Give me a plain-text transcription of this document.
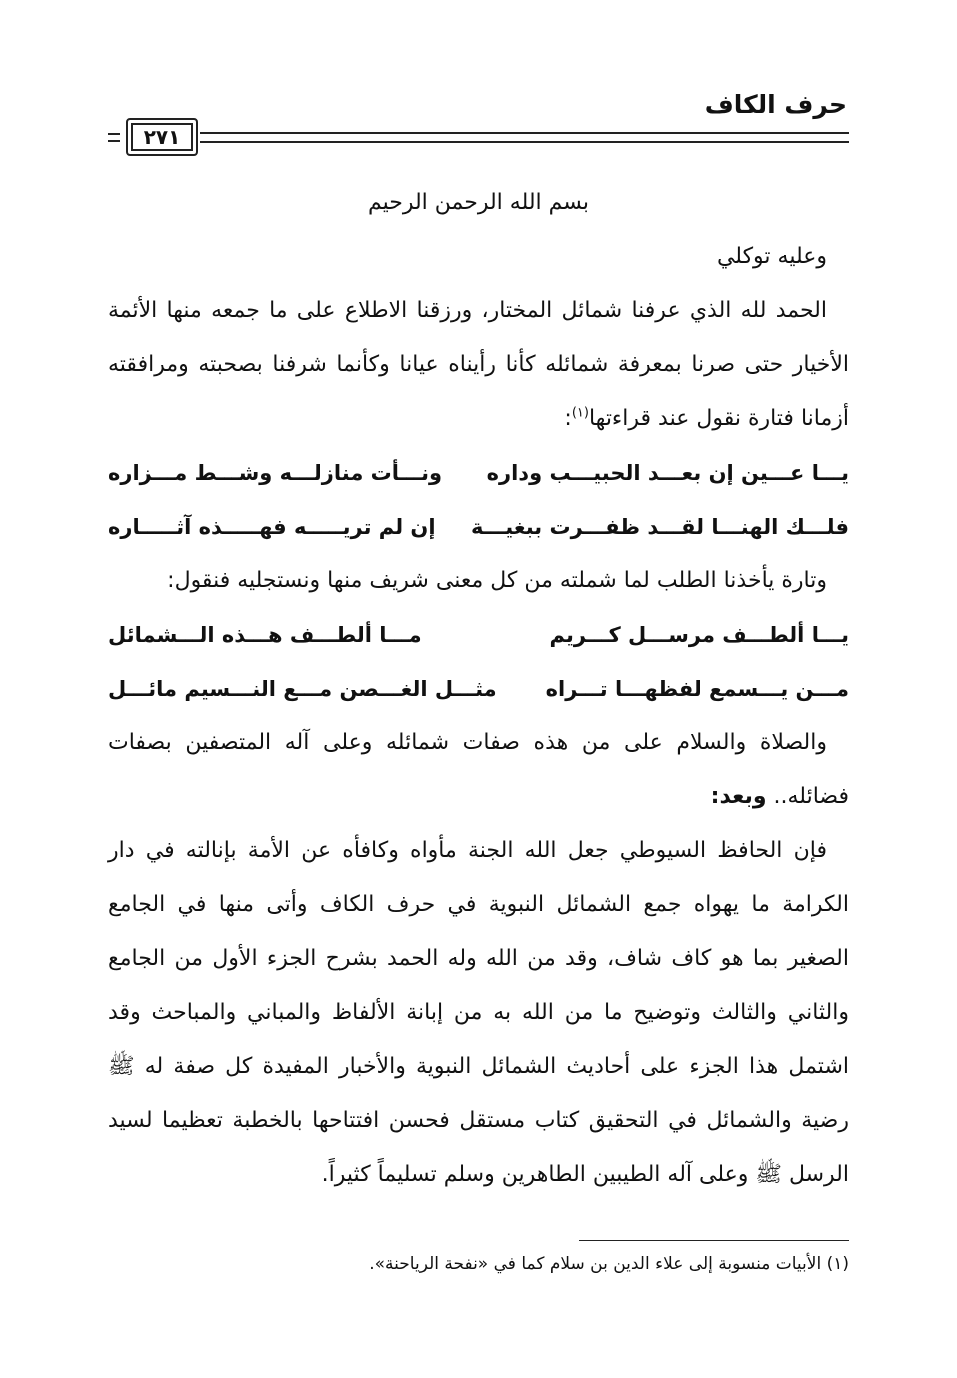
حرف الكاف
٢٧١
بسم الله الرحمن الرحيم

وعليه توكلي

الحمد لله الذي عرفنا شمائل المختار، ورزقنا الاطلاع على ما جمعه منها الأئمة الأخيار حتى صرنا بمعرفة شمائله كأنا رأيناه عيانا وكأنما شرفنا بصحبته ومرافقته أزمانا فتارة نقول عند قراءتها$^{(١)}$:

يـــا عـــين إن بعـــد الحبيـــب وداره
ونـــأت منازلـــه وشـــط مـــزاره
فلـــك الهنـــا لقـــد ظفـــرت ببغيـــة
إن لم تريـــــه فهـــــذه آثـــــاره

وتارة يأخذنا الطلب لما شملته من كل معنى شريف منها ونستجليه فنقول:

يـــا ألطـــف مرســـل كـــريم
مـــا ألطـــف هـــذه الـــشمائل
مـــن يـــسمع لفظهـــا تـــراه
مثـــل الغـــصن مـــع النـــسيم مائـــل

والصلاة والسلام على من هذه صفات شمائله وعلى آله المتصفين بصفات فضائله.. وبعد:

فإن الحافظ السيوطي جعل الله الجنة مأواه وكافأه عن الأمة بإنالته في دار الكرامة ما يهواه جمع الشمائل النبوية في حرف الكاف وأتى منها في الجامع الصغير بما هو كاف شاف، وقد من الله وله الحمد بشرح الجزء الأول من الجامع والثاني والثالث وتوضيح ما من الله به من إبانة الألفاظ والمباني والمباحث وقد اشتمل هذا الجزء على أحاديث الشمائل النبوية والأخبار المفيدة كل صفة له ﷺ رضية والشمائل في التحقيق كتاب مستقل فحسن افتتاحها بالخطبة تعظيما لسيد الرسل ﷺ وعلى آله الطيبين الطاهرين وسلم تسليماً كثيراً.

(١) الأبيات منسوبة إلى علاء الدين بن سلام كما في «نفحة الرياحنة».
